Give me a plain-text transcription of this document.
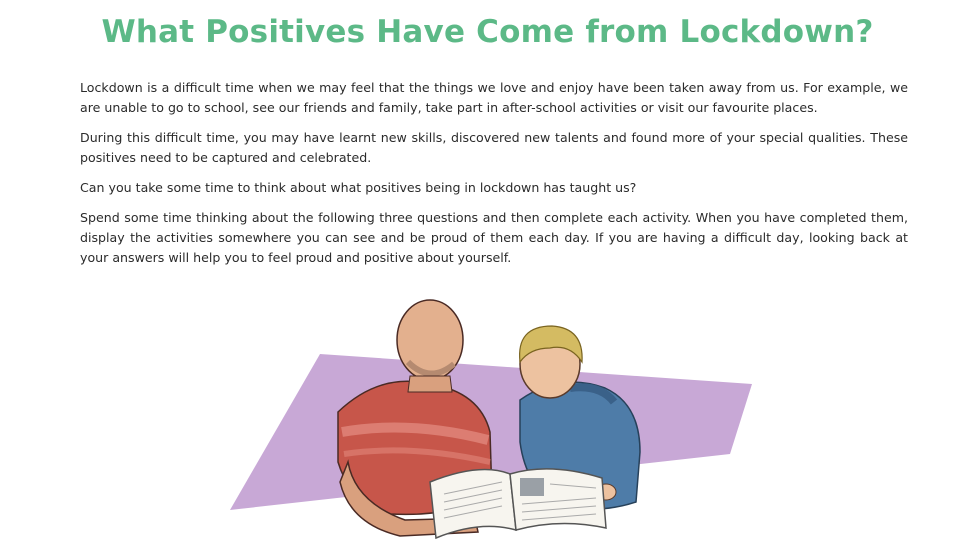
What Positives Have Come from Lockdown?

Lockdown is a difficult time when we may feel that the things we love and enjoy have been taken away from us. For example, we are unable to go to school, see our friends and family, take part in after-school activities or visit our favourite places.

During this difficult time, you may have learnt new skills, discovered new talents and found more of your special qualities. These positives need to be captured and celebrated.

Can you take some time to think about what positives being in lockdown has taught us?

Spend some time thinking about the following three questions and then complete each activity. When you have completed them, display the activities somewhere you can see and be proud of them each day. If you are having a difficult day, looking back at your answers will help you to feel proud and positive about yourself.
